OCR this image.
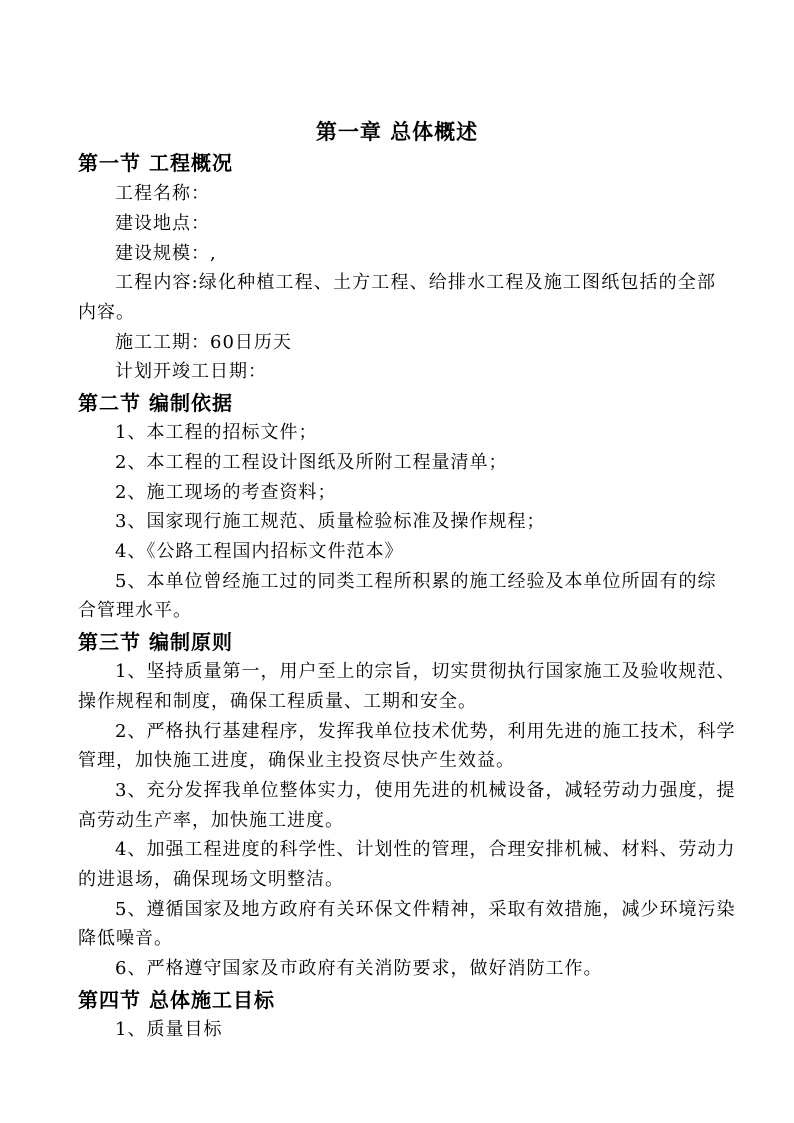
第一章 总体概述
第一节 工程概况
工程名称：
建设地点：
建设规模：,
工程内容:绿化种植工程、土方工程、给排水工程及施工图纸包括的全部
内容。
施工工期：60日历天
计划开竣工日期：
第二节 编制依据
1、本工程的招标文件；
2、本工程的工程设计图纸及所附工程量清单；
2、施工现场的考查资料；
3、国家现行施工规范、质量检验标准及操作规程；
4、《公路工程国内招标文件范本》
5、本单位曾经施工过的同类工程所积累的施工经验及本单位所固有的综
合管理水平。
第三节 编制原则
1、坚持质量第一，用户至上的宗旨，切实贯彻执行国家施工及验收规范、
操作规程和制度，确保工程质量、工期和安全。
2、严格执行基建程序，发挥我单位技术优势，利用先进的施工技术，科学
管理，加快施工进度，确保业主投资尽快产生效益。
3、充分发挥我单位整体实力，使用先进的机械设备，减轻劳动力强度，提
高劳动生产率，加快施工进度。
4、加强工程进度的科学性、计划性的管理，合理安排机械、材料、劳动力
的进退场，确保现场文明整洁。
5、遵循国家及地方政府有关环保文件精神，采取有效措施，减少环境污染
降低噪音。
6、严格遵守国家及市政府有关消防要求，做好消防工作。
第四节 总体施工目标
1、质量目标
